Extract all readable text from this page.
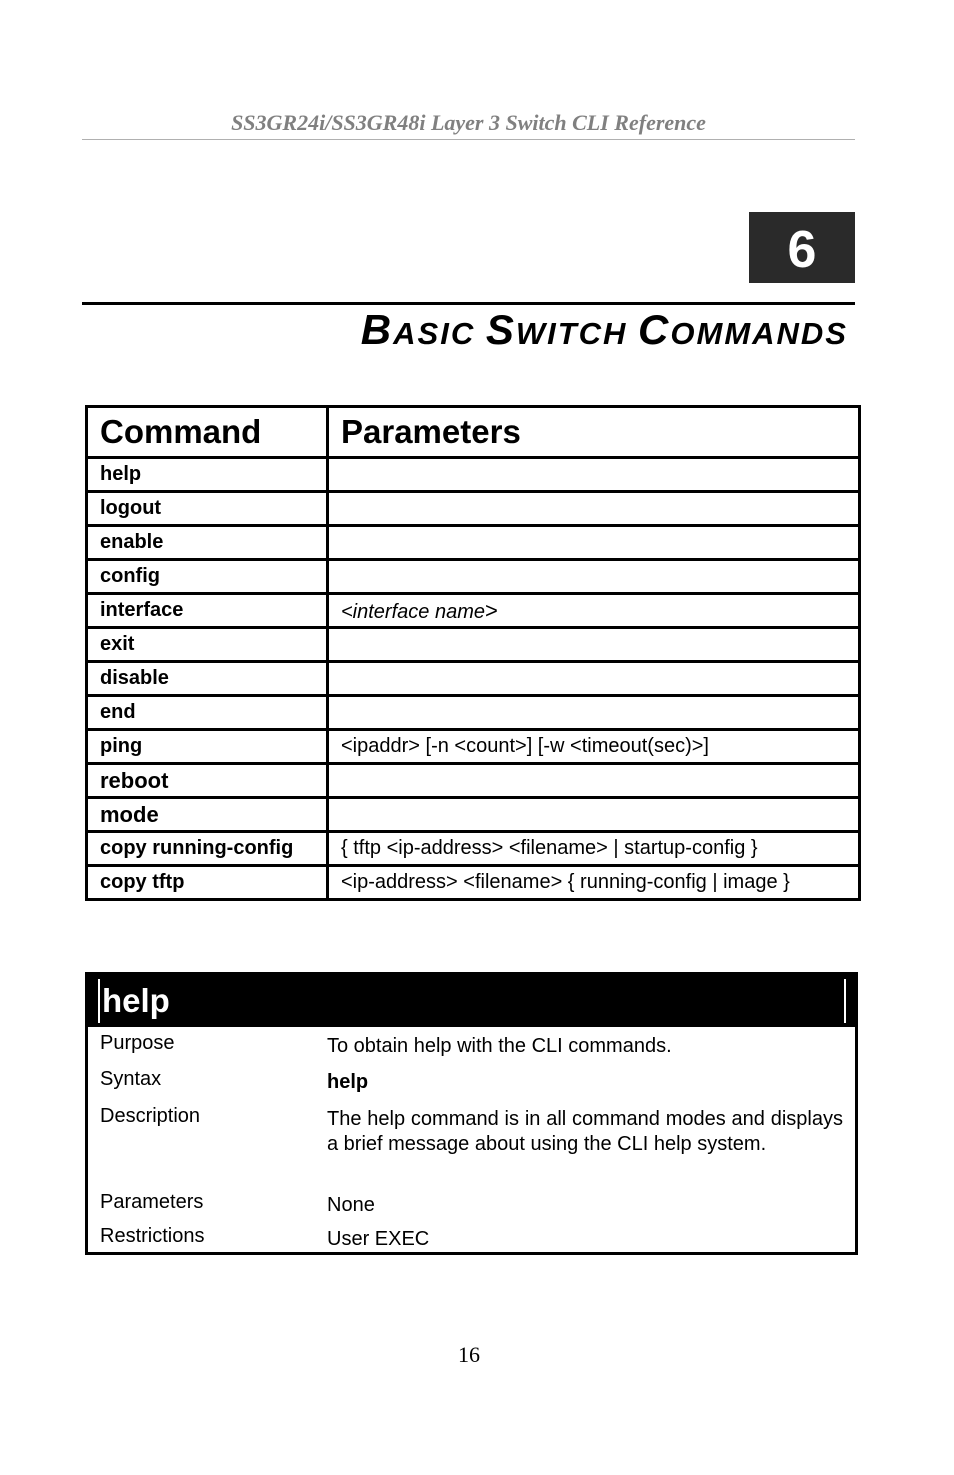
SS3GR24i/SS3GR48i Layer 3 Switch CLI Reference
6
BASIC SWITCH COMMANDS
Command	Parameters
help	
logout	
enable	
config	
interface	<interface name>
exit	
disable	
end	
ping	<ipaddr> [-n <count>] [-w <timeout(sec)>]
reboot	
mode	
copy running-config	{ tftp <ip-address> <filename> | startup-config }
copy tftp	<ip-address> <filename> { running-config | image }
help
Purpose	To obtain help with the CLI commands.
Syntax	help
Description	The help command is in all command modes and displays a brief message about using the CLI help system.
Parameters	None
Restrictions	User EXEC
16
